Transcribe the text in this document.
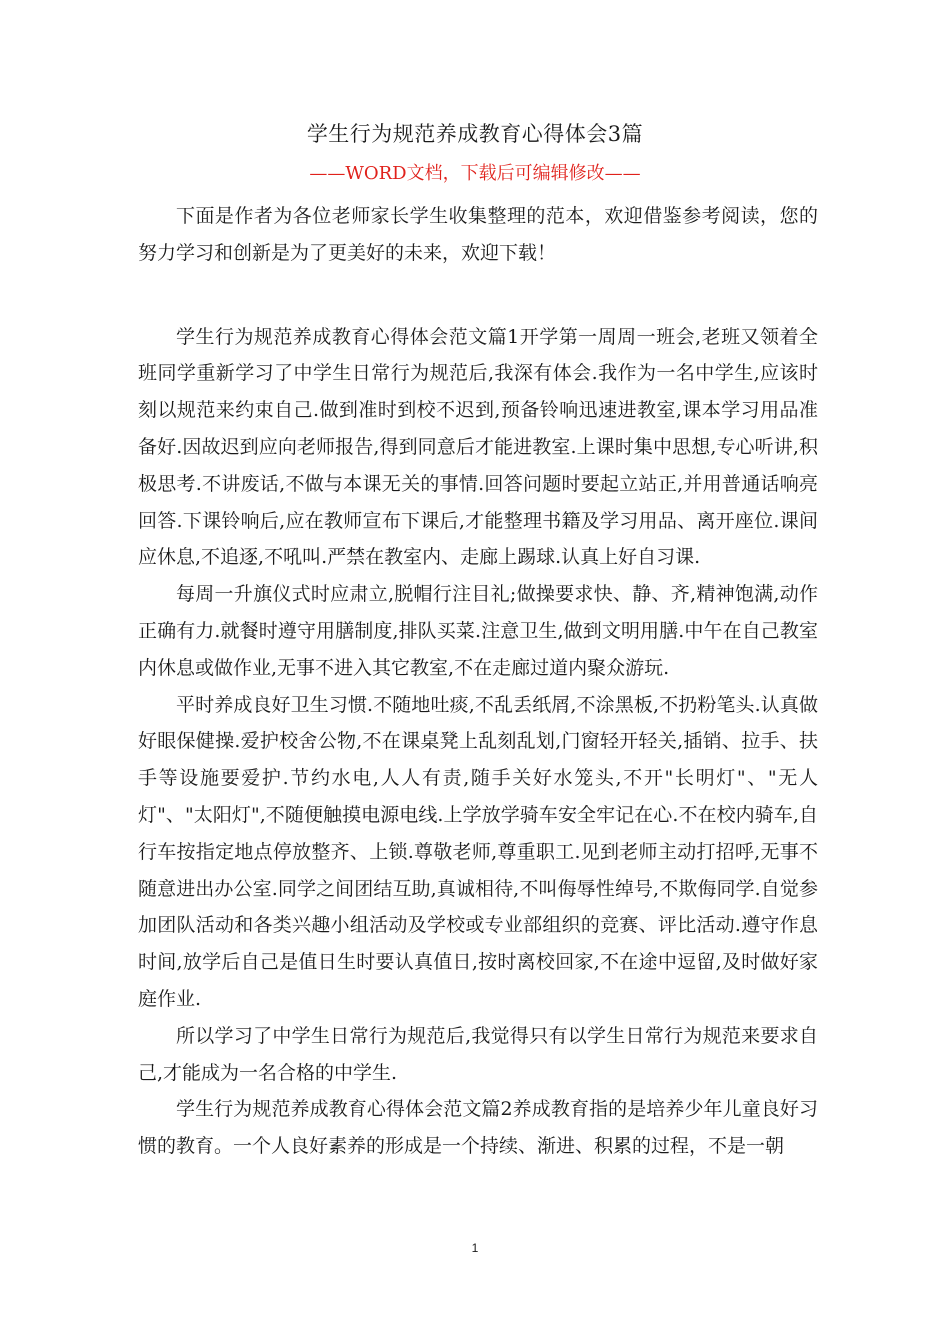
学生行为规范养成教育心得体会3篇
——WORD文档，下载后可编辑修改——

下面是作者为各位老师家长学生收集整理的范本，欢迎借鉴参考阅读，您的努力学习和创新是为了更美好的未来，欢迎下载！

学生行为规范养成教育心得体会范文篇1开学第一周周一班会,老班又领着全班同学重新学习了中学生日常行为规范后,我深有体会.我作为一名中学生,应该时刻以规范来约束自己.做到准时到校不迟到,预备铃响迅速进教室,课本学习用品准备好.因故迟到应向老师报告,得到同意后才能进教室.上课时集中思想,专心听讲,积极思考.不讲废话,不做与本课无关的事情.回答问题时要起立站正,并用普通话响亮回答.下课铃响后,应在教师宣布下课后,才能整理书籍及学习用品、离开座位.课间应休息,不追逐,不吼叫.严禁在教室内、走廊上踢球.认真上好自习课.

每周一升旗仪式时应肃立,脱帽行注目礼;做操要求快、静、齐,精神饱满,动作正确有力.就餐时遵守用膳制度,排队买菜.注意卫生,做到文明用膳.中午在自己教室内休息或做作业,无事不进入其它教室,不在走廊过道内聚众游玩.

平时养成良好卫生习惯.不随地吐痰,不乱丢纸屑,不涂黑板,不扔粉笔头.认真做好眼保健操.爱护校舍公物,不在课桌凳上乱刻乱划,门窗轻开轻关,插销、拉手、扶手等设施要爱护.节约水电,人人有责,随手关好水笼头,不开"长明灯"、"无人灯"、"太阳灯",不随便触摸电源电线.上学放学骑车安全牢记在心.不在校内骑车,自行车按指定地点停放整齐、上锁.尊敬老师,尊重职工.见到老师主动打招呼,无事不随意进出办公室.同学之间团结互助,真诚相待,不叫侮辱性绰号,不欺侮同学.自觉参加团队活动和各类兴趣小组活动及学校或专业部组织的竞赛、评比活动.遵守作息时间,放学后自己是值日生时要认真值日,按时离校回家,不在途中逗留,及时做好家庭作业.

所以学习了中学生日常行为规范后,我觉得只有以学生日常行为规范来要求自己,才能成为一名合格的中学生.

学生行为规范养成教育心得体会范文篇2养成教育指的是培养少年儿童良好习惯的教育。一个人良好素养的形成是一个持续、渐进、积累的过程，不是一朝

1
